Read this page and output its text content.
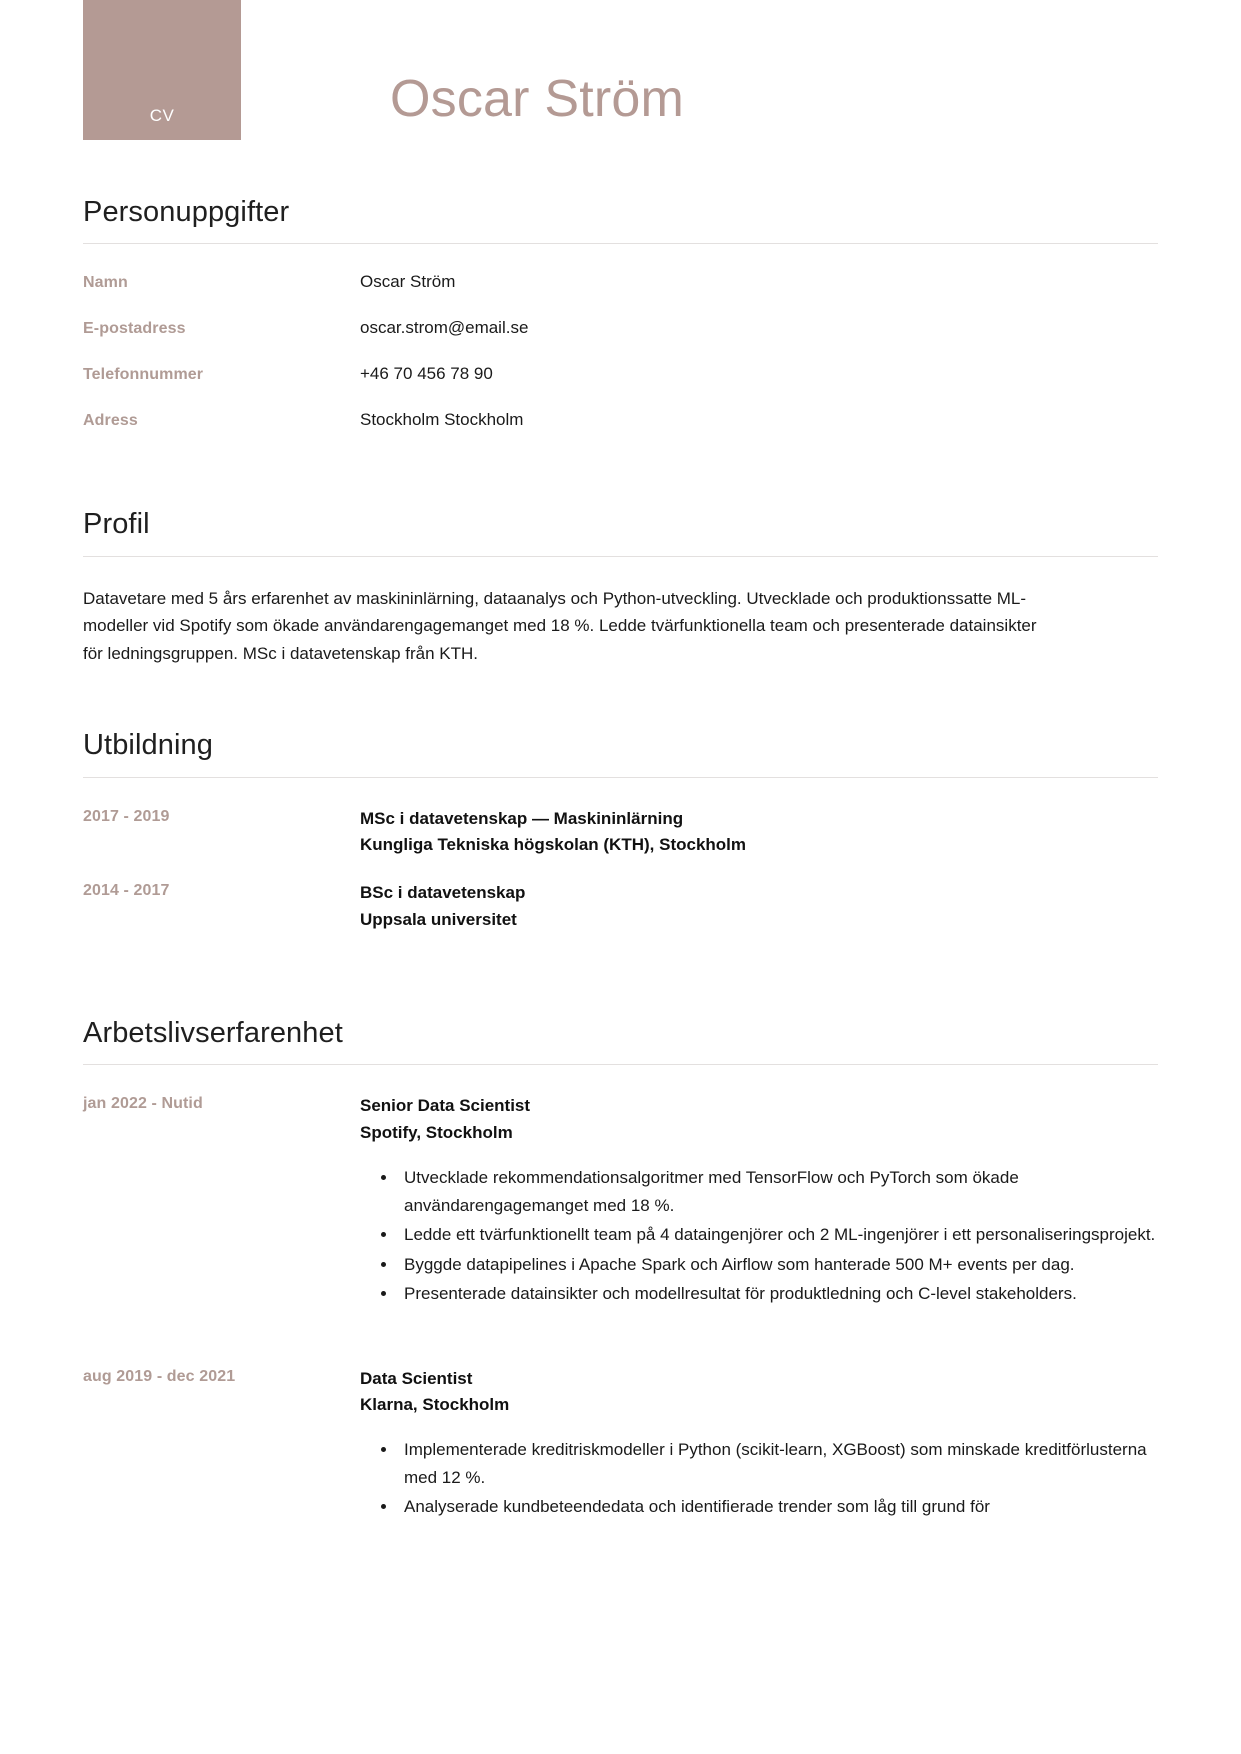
CV	Oscar Ström
Personuppgifter
Namn	Oscar Ström
E-postadress	oscar.strom@email.se
Telefonnummer	+46 70 456 78 90
Adress	Stockholm Stockholm
Profil

Datavetare med 5 års erfarenhet av maskininlärning, dataanalys och Python-utveckling. Utvecklade och produktionssatte ML-modeller vid Spotify som ökade användarengagemanget med 18 %. Ledde tvärfunktionella team och presenterade datainsikter för ledningsgruppen. MSc i datavetenskap från KTH.

Utbildning
2017 - 2019	MSc i datavetenskap — Maskininlärning
Kungliga Tekniska högskolan (KTH), Stockholm
2014 - 2017	BSc i datavetenskap
Uppsala universitet
Arbetslivserfarenhet
jan 2022 - Nutid	Senior Data Scientist
Spotify, Stockholm
• Utvecklade rekommendationsalgoritmer med TensorFlow och PyTorch som ökade användarengagemanget med 18 %.
• Ledde ett tvärfunktionellt team på 4 dataingenjörer och 2 ML-ingenjörer i ett personaliseringsprojekt.
• Byggde datapipelines i Apache Spark och Airflow som hanterade 500 M+ events per dag.
• Presenterade datainsikter och modellresultat för produktledning och C-level stakeholders.
aug 2019 - dec 2021	Data Scientist
Klarna, Stockholm
• Implementerade kreditriskmodeller i Python (scikit-learn, XGBoost) som minskade kreditförlusterna med 12 %.
• Analyserade kundbeteendedata och identifierade trender som låg till grund för
